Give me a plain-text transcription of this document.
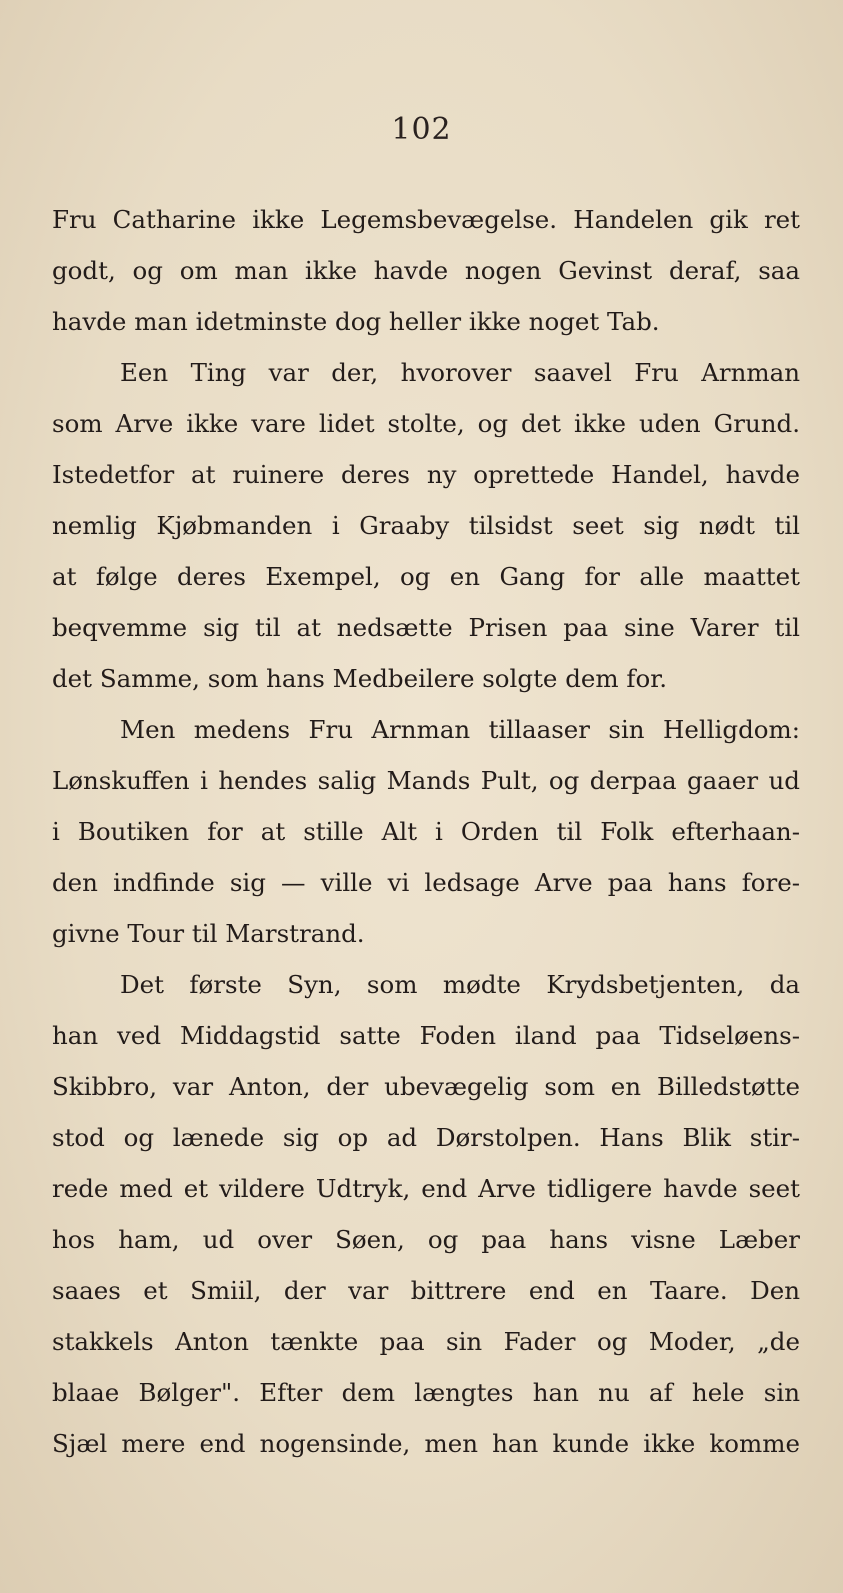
102
Fru Catharine ikke Legemsbevægelse. Handelen gik ret
godt, og om man ikke havde nogen Gevinst deraf, saa
havde man idetminste dog heller ikke noget Tab.
Een Ting var der, hvorover saavel Fru Arnman
som Arve ikke vare lidet stolte, og det ikke uden Grund.
Istedetfor at ruinere deres ny oprettede Handel, havde
nemlig Kjøbmanden i Graaby tilsidst seet sig nødt til
at følge deres Exempel, og en Gang for alle maattet
beqvemme sig til at nedsætte Prisen paa sine Varer til
det Samme, som hans Medbeilere solgte dem for.
Men medens Fru Arnman tillaaser sin Helligdom:
Lønskuffen i hendes salig Mands Pult, og derpaa gaaer ud
i Boutiken for at stille Alt i Orden til Folk efterhaan-
den indfinde sig — ville vi ledsage Arve paa hans fore-
givne Tour til Marstrand.
Det første Syn, som mødte Krydsbetjenten, da
han ved Middagstid satte Foden iland paa Tidseløens-
Skibbro, var Anton, der ubevægelig som en Billedstøtte
stod og lænede sig op ad Dørstolpen. Hans Blik stir-
rede med et vildere Udtryk, end Arve tidligere havde seet
hos ham, ud over Søen, og paa hans visne Læber
saaes et Smiil, der var bittrere end en Taare. Den
stakkels Anton tænkte paa sin Fader og Moder, „de
blaae Bølger". Efter dem længtes han nu af hele sin
Sjæl mere end nogensinde, men han kunde ikke komme
